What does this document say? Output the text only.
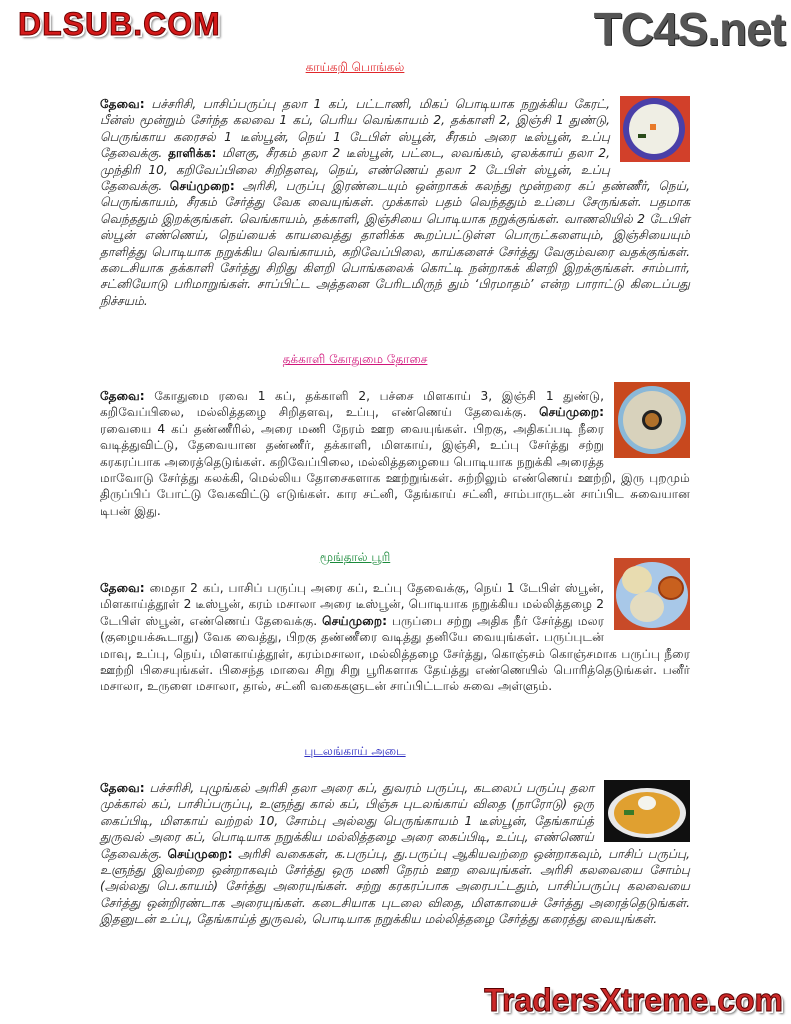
TC4S.net
காய்கறி பொங்கல்
தேவை: பச்சரிசி, பாசிப்பருப்பு தலா 1 கப், பட்டாணி, மிகப் பொடியாக நறுக்கிய கேரட், பீன்ஸ் மூன்றும் சேர்ந்த கலவை 1 கப், பெரிய வெங்காயம் 2, தக்காளி 2, இஞ்சி 1 துண்டு, பெருங்காய கரைசல் 1 டீஸ்பூன், நெய் 1 டேபிள் ஸ்பூன், சீரகம் அரை டீஸ்பூன், உப்பு தேவைக்கு. தாளிக்க: மிளகு, சீரகம் தலா 2 டீஸ்பூன், பட்டை, லவங்கம், ஏலக்காய் தலா 2, முந்திரி 10, கறிவேப்பிலை சிறிதளவு, நெய், எண்ணெய் தலா 2 டேபிள் ஸ்பூன், உப்பு தேவைக்கு. செய்முறை: அரிசி, பருப்பு இரண்டையும் ஒன்றாகக் கலந்து மூன்றரை கப் தண்ணீர், நெய், பெருங்காயம், சீரகம் சேர்த்து வேக வையுங்கள். முக்கால் பதம் வெந்ததும் உப்பை சேருங்கள். பதமாக வெந்ததும் இறக்குங்கள். வெங்காயம், தக்காளி, இஞ்சியை பொடியாக நறுக்குங்கள். வாணலியில் 2 டேபிள் ஸ்பூன் எண்ணெய், நெய்யைக் காயவைத்து தாளிக்க கூறப்பட்டுள்ள பொருட்களையும், இஞ்சியையும் தாளித்து பொடியாக நறுக்கிய வெங்காயம், கறிவேப்பிலை, காய்களைச் சேர்த்து வேகும்வரை வதக்குங்கள். கடைசியாக தக்காளி சேர்த்து சிறிது கிளறி பொங்கலைக் கொட்டி நன்றாகக் கிளறி இறக்குங்கள். சாம்பார், சட்னியோடு பரிமாறுங்கள். சாப்பிட்ட அத்தனை பேரிடமிருந் தும் ‘பிரமாதம்’ என்ற பாராட்டு கிடைப்பது நிச்சயம்.
தக்காளி கோதுமை தோசை
தேவை: கோதுமை ரவை 1 கப், தக்காளி 2, பச்சை மிளகாய் 3, இஞ்சி 1 துண்டு, கறிவேப்பிலை, மல்லித்தழை சிறிதளவு, உப்பு, எண்ணெய் தேவைக்கு. செய்முறை: ரவையை 4 கப் தண்ணீரில், அரை மணி நேரம் ஊற வையுங்கள். பிறகு, அதிகப்படி நீரை வடித்துவிட்டு, தேவையான தண்ணீர், தக்காளி, மிளகாய், இஞ்சி, உப்பு சேர்த்து சற்று கரகரப்பாக அரைத்தெடுங்கள். கறிவேப்பிலை, மல்லித்தழையை பொடியாக நறுக்கி அரைத்த மாவோடு சேர்த்து கலக்கி, மெல்லிய தோசைகளாக ஊற்றுங்கள். சுற்றிலும் எண்ணெய் ஊற்றி, இரு புறமும் திருப்பிப் போட்டு வேகவிட்டு எடுங்கள். கார சட்னி, தேங்காய் சட்னி, சாம்பாருடன் சாப்பிட சுவையான டிபன் இது.
மூங்தால் பூரி
தேவை: மைதா 2 கப், பாசிப் பருப்பு அரை கப், உப்பு தேவைக்கு, நெய் 1 டேபிள் ஸ்பூன், மிளகாய்த்தூள் 2 டீஸ்பூன், கரம் மசாலா அரை டீஸ்பூன், பொடியாக நறுக்கிய மல்லித்தழை 2 டேபிள் ஸ்பூன், எண்ணெய் தேவைக்கு. செய்முறை: பருப்பை சற்று அதிக நீர் சேர்த்து மலர (குழையக்கூடாது) வேக வைத்து, பிறகு தண்ணீரை வடித்து தனியே வையுங்கள். பருப்புடன் மாவு, உப்பு, நெய், மிளகாய்த்தூள், கரம்மசாலா, மல்லித்தழை சேர்த்து, கொஞ்சம் கொஞ்சமாக பருப்பு நீரை ஊற்றி பிசையுங்கள். பிசைந்த மாவை சிறு சிறு பூரிகளாக தேய்த்து எண்ணெயில் பொரித்தெடுங்கள். பனீர் மசாலா, உருளை மசாலா, தால், சட்னி வகைகளுடன் சாப்பிட்டால் சுவை அள்ளும்.
புடலங்காய் அடை
தேவை: பச்சரிசி, புழுங்கல் அரிசி தலா அரை கப், துவரம் பருப்பு, கடலைப் பருப்பு தலா முக்கால் கப், பாசிப்பருப்பு, உளுந்து கால் கப், பிஞ்சு புடலங்காய் விதை (நாரோடு) ஒரு கைப்பிடி, மிளகாய் வற்றல் 10, சோம்பு அல்லது பெருங்காயம் 1 டீஸ்பூன், தேங்காய்த் துருவல் அரை கப், பொடியாக நறுக்கிய மல்லித்தழை அரை கைப்பிடி, உப்பு, எண்ணெய் தேவைக்கு. செய்முறை: அரிசி வகைகள், க.பருப்பு, து.பருப்பு ஆகியவற்றை ஒன்றாகவும், பாசிப் பருப்பு, உளுந்து இவற்றை ஒன்றாகவும் சேர்த்து ஒரு மணி நேரம் ஊற வையுங்கள். அரிசி கலவையை சோம்பு (அல்லது பெ.காயம்) சேர்த்து அரையுங்கள். சற்று கரகரப்பாக அரைபட்டதும், பாசிப்பருப்பு கலவையை சேர்த்து ஒன்றிரண்டாக அரையுங்கள். கடைசியாக புடலை விதை, மிளகாயைச் சேர்த்து அரைத்தெடுங்கள். இதனுடன் உப்பு, தேங்காய்த் துருவல், பொடியாக நறுக்கிய மல்லித்தழை சேர்த்து கரைத்து வையுங்கள்.
DLSUB.COM
TradersXtreme.com
